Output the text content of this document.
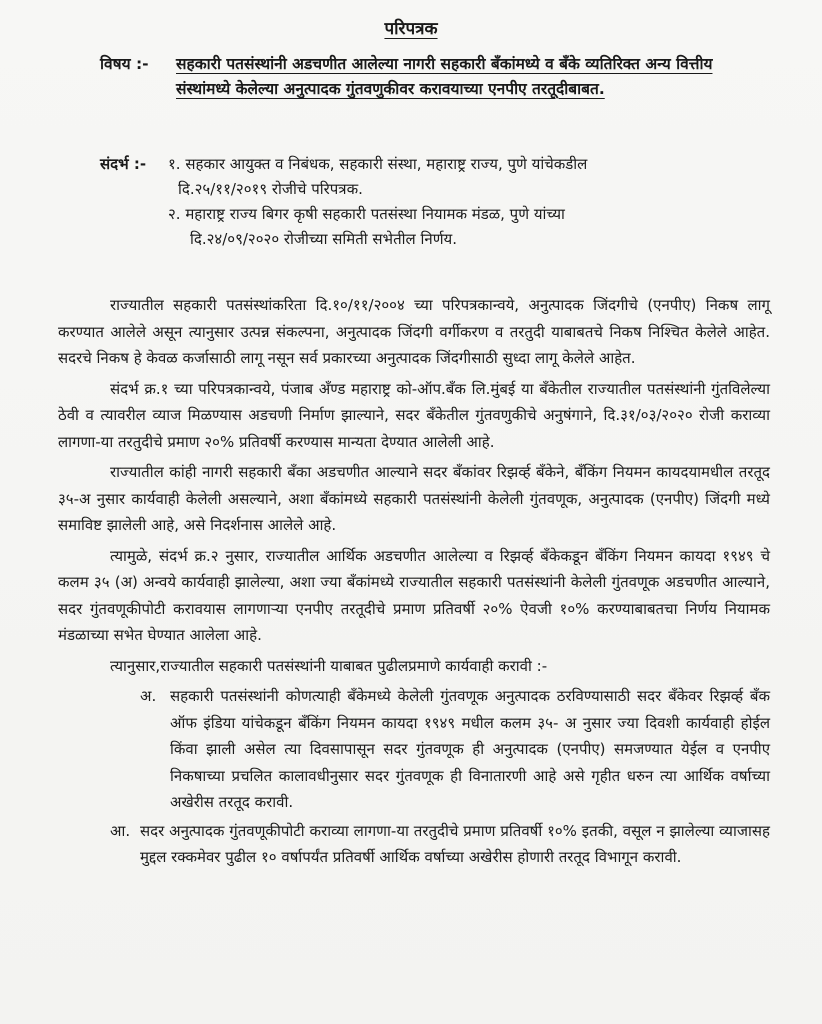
परिपत्रक
विषय :-	सहकारी पतसंस्थांनी अडचणीत आलेल्या नागरी सहकारी बँकांमध्ये व बँके व्यतिरिक्त अन्य वित्तीय संस्थांमध्ये केलेल्या अनुत्पादक गुंतवणुकीवर करावयाच्या एनपीए तरतूदीबाबत.
संदर्भ :- १. सहकार आयुक्त व निबंधक, सहकारी संस्था, महाराष्ट्र राज्य, पुणे यांचेकडील
दि.२५/११/२०१९ रोजीचे परिपत्रक.
२. महाराष्ट्र राज्य बिगर कृषी सहकारी पतसंस्था नियामक मंडळ, पुणे यांच्या
दि.२४/०९/२०२० रोजीच्या समिती सभेतील निर्णय.

राज्यातील सहकारी पतसंस्थांकरिता दि.१०/११/२००४ च्या परिपत्रकान्वये, अनुत्पादक जिंदगीचे (एनपीए) निकष लागू करण्यात आलेले असून त्यानुसार उत्पन्न संकल्पना, अनुत्पादक जिंदगी वर्गीकरण व तरतुदी याबाबतचे निकष निश्चित केलेले आहेत. सदरचे निकष हे केवळ कर्जासाठी लागू नसून सर्व प्रकारच्या अनुत्पादक जिंदगीसाठी सुध्दा लागू केलेले आहेत.

संदर्भ क्र.१ च्या परिपत्रकान्वये, पंजाब अँण्ड महाराष्ट्र को-ऑप.बँक लि.मुंबई या बँकेतील राज्यातील पतसंस्थांनी गुंतविलेल्या ठेवी व त्यावरील व्याज मिळण्यास अडचणी निर्माण झाल्याने, सदर बँकेतील गुंतवणुकीचे अनुषंगाने, दि.३१/०३/२०२० रोजी कराव्या लागणा-या तरतुदीचे प्रमाण २०% प्रतिवर्षी करण्यास मान्यता देण्यात आलेली आहे.

राज्यातील कांही नागरी सहकारी बँका अडचणीत आल्याने सदर बँकांवर रिझर्व्ह बँकेने, बँकिंग नियमन कायदयामधील तरतूद ३५-अ नुसार कार्यवाही केलेली असल्याने, अशा बँकांमध्ये सहकारी पतसंस्थांनी केलेली गुंतवणूक, अनुत्पादक (एनपीए) जिंदगी मध्ये समाविष्ट झालेली आहे, असे निदर्शनास आलेले आहे.

त्यामुळे, संदर्भ क्र.२ नुसार, राज्यातील आर्थिक अडचणीत आलेल्या व रिझर्व्ह बँकेकडून बँकिंग नियमन कायदा १९४९ चे कलम ३५ (अ) अन्वये कार्यवाही झालेल्या, अशा ज्या बँकांमध्ये राज्यातील सहकारी पतसंस्थांनी केलेली गुंतवणूक अडचणीत आल्याने, सदर गुंतवणूकीपोटी करावयास लागणाऱ्या एनपीए तरतूदीचे प्रमाण प्रतिवर्षी २०% ऐवजी १०% करण्याबाबतचा निर्णय नियामक मंडळाच्या सभेत घेण्यात आलेला आहे.

त्यानुसार,राज्यातील सहकारी पतसंस्थांनी याबाबत पुढीलप्रमाणे कार्यवाही करावी :-

अ. सहकारी पतसंस्थांनी कोणत्याही बँकेमध्ये केलेली गुंतवणूक अनुत्पादक ठरविण्यासाठी सदर बँकेवर रिझर्व्ह बँक ऑफ इंडिया यांचेकडून बँकिंग नियमन कायदा १९४९ मधील कलम ३५- अ नुसार ज्या दिवशी कार्यवाही होईल किंवा झाली असेल त्या दिवसापासून सदर गुंतवणूक ही अनुत्पादक (एनपीए) समजण्यात येईल व एनपीए निकषाच्या प्रचलित कालावधीनुसार सदर गुंतवणूक ही विनातारणी आहे असे गृहीत धरुन त्या आर्थिक वर्षाच्या अखेरीस तरतूद करावी.
आ. सदर अनुत्पादक गुंतवणूकीपोटी कराव्या लागणा-या तरतुदीचे प्रमाण प्रतिवर्षी १०% इतकी, वसूल न झालेल्या व्याजासह मुद्दल रक्कमेवर पुढील १० वर्षापर्यंत प्रतिवर्षी आर्थिक वर्षाच्या अखेरीस होणारी तरतूद विभागून करावी.
